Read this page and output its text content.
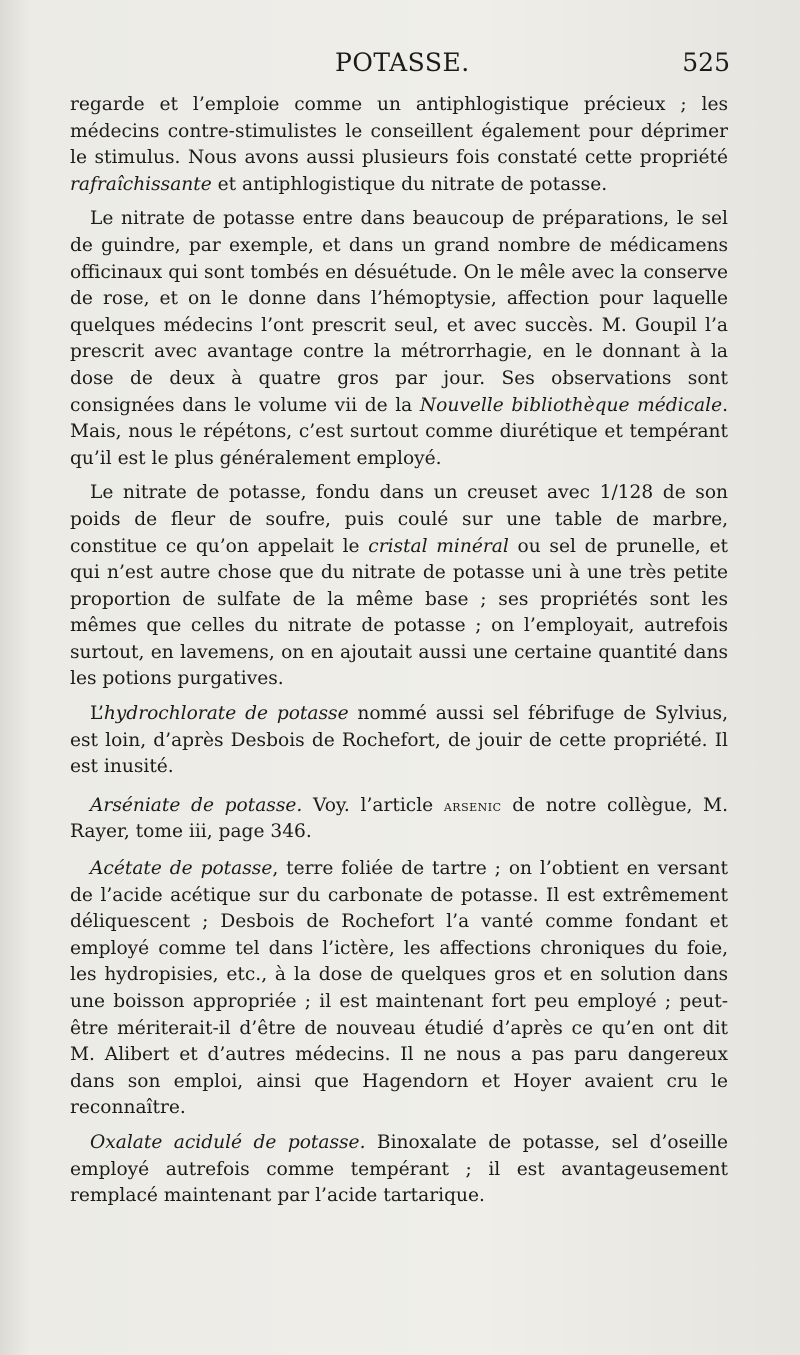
POTASSE.	525

regarde et l’emploie comme un antiphlogistique précieux ; les médecins contre-stimulistes le conseillent également pour déprimer le stimulus. Nous avons aussi plusieurs fois constaté cette propriété rafraîchissante et antiphlogistique du nitrate de potasse.

Le nitrate de potasse entre dans beaucoup de préparations, le sel de guindre, par exemple, et dans un grand nombre de médicamens officinaux qui sont tombés en désuétude. On le mêle avec la conserve de rose, et on le donne dans l’hémoptysie, affection pour laquelle quelques médecins l’ont prescrit seul, et avec succès. M. Goupil l’a prescrit avec avantage contre la métrorrhagie, en le donnant à la dose de deux à quatre gros par jour. Ses observations sont consignées dans le volume vii de la Nouvelle bibliothèque médicale. Mais, nous le répétons, c’est surtout comme diurétique et tempérant qu’il est le plus généralement employé.

Le nitrate de potasse, fondu dans un creuset avec 1/128 de son poids de fleur de soufre, puis coulé sur une table de marbre, constitue ce qu’on appelait le cristal minéral ou sel de prunelle, et qui n’est autre chose que du nitrate de potasse uni à une très petite proportion de sulfate de la même base ; ses propriétés sont les mêmes que celles du nitrate de potasse ; on l’employait, autrefois surtout, en lavemens, on en ajoutait aussi une certaine quantité dans les potions purgatives.

L’hydrochlorate de potasse nommé aussi sel fébrifuge de Sylvius, est loin, d’après Desbois de Rochefort, de jouir de cette propriété. Il est inusité.

Arséniate de potasse. Voy. l’article arsenic de notre collègue, M. Rayer, tome iii, page 346.

Acétate de potasse, terre foliée de tartre ; on l’obtient en versant de l’acide acétique sur du carbonate de potasse. Il est extrêmement déliquescent ; Desbois de Rochefort l’a vanté comme fondant et employé comme tel dans l’ictère, les affections chroniques du foie, les hydropisies, etc., à la dose de quelques gros et en solution dans une boisson appropriée ; il est maintenant fort peu employé ; peut-être mériterait-il d’être de nouveau étudié d’après ce qu’en ont dit M. Alibert et d’autres médecins. Il ne nous a pas paru dangereux dans son emploi, ainsi que Hagendorn et Hoyer avaient cru le reconnaître.

Oxalate acidulé de potasse. Binoxalate de potasse, sel d’oseille employé autrefois comme tempérant ; il est avantageusement remplacé maintenant par l’acide tartarique.
